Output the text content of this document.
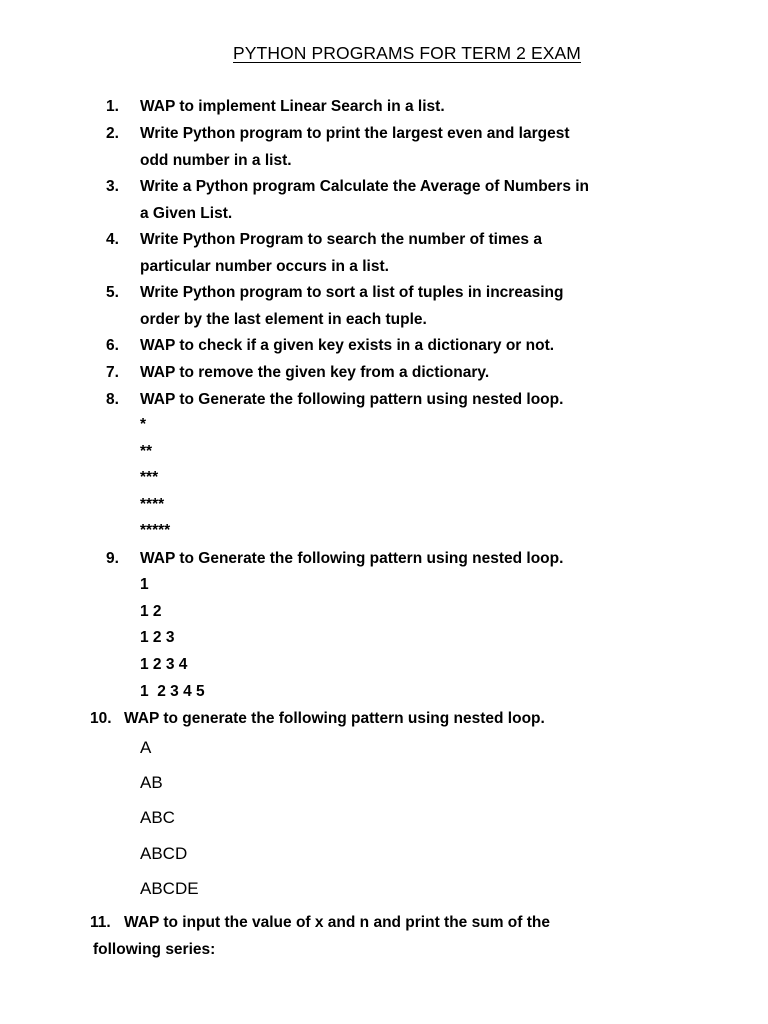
PYTHON PROGRAMS FOR TERM 2 EXAM
1.	WAP to implement Linear Search in a list.
2.	Write Python program to print the largest even and largest
odd number in a list.
3.	Write a Python program Calculate the Average of Numbers in
a Given List.
4.	Write Python Program to search the number of times a
particular number occurs in a list.
5.	Write Python program to sort a list of tuples in increasing
order by the last element in each tuple.
6.	WAP to check if a given key exists in a dictionary or not.
7.	WAP to remove the given key from a dictionary.
8.	WAP to Generate the following pattern using nested loop.
*
**
***
****
*****
9.	WAP to Generate the following pattern using nested loop.
1
1 2
1 2 3
1 2 3 4
1  2 3 4 5
10. WAP to generate the following pattern using nested loop.
A
AB
ABC
ABCD
ABCDE
11. WAP to input the value of x and n and print the sum of the
following series:
